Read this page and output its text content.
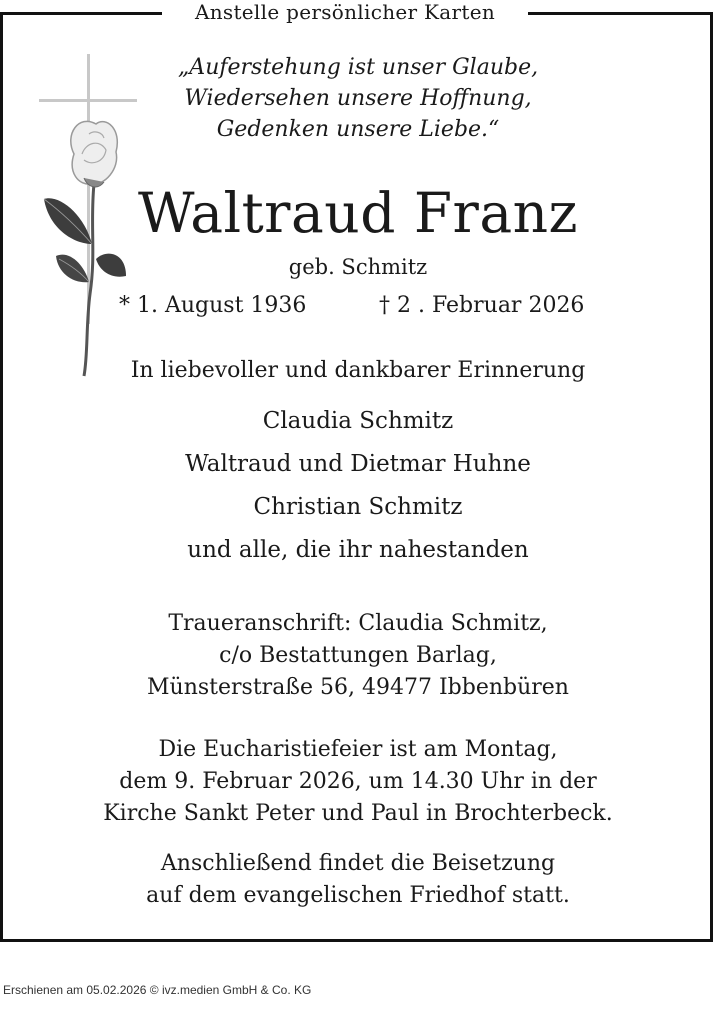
Anstelle persönlicher Karten
„Auferstehung ist unser Glaube,
Wiedersehen unsere Hoffnung,
Gedenken unsere Liebe.“
Waltraud Franz
geb. Schmitz
* 1. August 1936	† 2 . Februar 2026
In liebevoller und dankbarer Erinnerung
Claudia Schmitz
Waltraud und Dietmar Huhne
Christian Schmitz
und alle, die ihr nahestanden
Traueranschrift: Claudia Schmitz,
c/o Bestattungen Barlag,
Münsterstraße 56, 49477 Ibbenbüren
Die Eucharistiefeier ist am Montag,
dem 9. Februar 2026, um 14.30 Uhr in der
Kirche Sankt Peter und Paul in Brochterbeck.
Anschließend findet die Beisetzung
auf dem evangelischen Friedhof statt.
Erschienen am 05.02.2026 © ivz.medien GmbH & Co. KG
